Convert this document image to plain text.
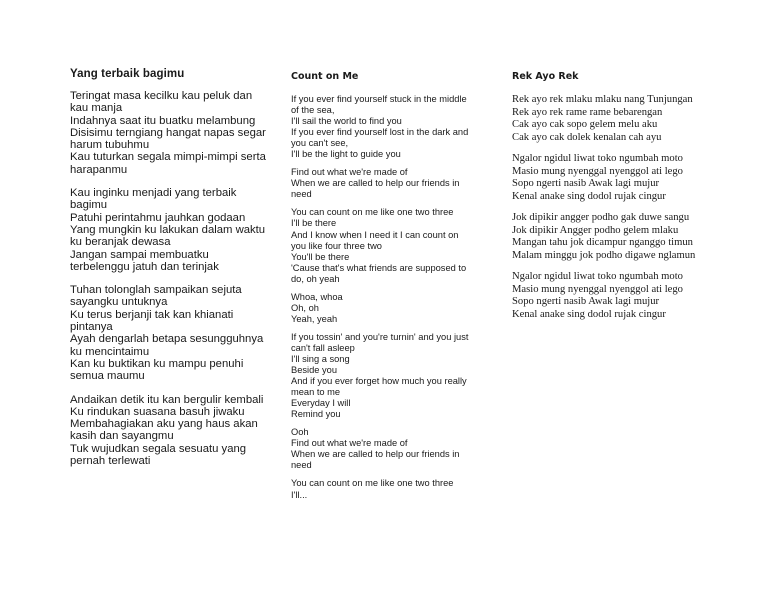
Yang terbaik bagimu
Teringat masa kecilku kau peluk dan
kau manja
Indahnya saat itu buatku melambung
Disisimu terngiang hangat napas segar
harum tubuhmu
Kau tuturkan segala mimpi-mimpi serta
harapanmu
Kau inginku menjadi yang terbaik
bagimu
Patuhi perintahmu jauhkan godaan
Yang mungkin ku lakukan dalam waktu
ku beranjak dewasa
Jangan sampai membuatku
terbelenggu jatuh dan terinjak
Tuhan tolonglah sampaikan sejuta
sayangku untuknya
Ku terus berjanji tak kan khianati
pintanya
Ayah dengarlah betapa sesungguhnya
ku mencintaimu
Kan ku buktikan ku mampu penuhi
semua maumu
Andaikan detik itu kan bergulir kembali
Ku rindukan suasana basuh jiwaku
Membahagiakan aku yang haus akan
kasih dan sayangmu
Tuk wujudkan segala sesuatu yang
pernah terlewati
Count on Me
If you ever find yourself stuck in the middle
of the sea,
I'll sail the world to find you
If you ever find yourself lost in the dark and
you can't see,
I'll be the light to guide you
Find out what we're made of
When we are called to help our friends in
need
You can count on me like one two three
I'll be there
And I know when I need it I can count on
you like four three two
You'll be there
'Cause that's what friends are supposed to
do, oh yeah
Whoa, whoa
Oh, oh
Yeah, yeah
If you tossin' and you're turnin' and you just
can't fall asleep
I'll sing a song
Beside you
And if you ever forget how much you really
mean to me
Everyday I will
Remind you
Ooh
Find out what we're made of
When we are called to help our friends in
need
You can count on me like one two three
I'll...
Rek Ayo Rek
Rek ayo rek mlaku mlaku nang Tunjungan
Rek ayo rek rame rame bebarengan
Cak ayo cak sopo gelem melu aku
Cak ayo cak dolek kenalan cah ayu
Ngalor ngidul liwat toko ngumbah moto
Masio mung nyenggal nyenggol ati lego
Sopo ngerti nasib Awak lagi mujur
Kenal anake sing dodol rujak cingur
Jok dipikir angger podho gak duwe sangu
Jok dipikir Angger podho gelem mlaku
Mangan tahu jok dicampur nganggo timun
Malam minggu jok podho digawe nglamun
Ngalor ngidul liwat toko ngumbah moto
Masio mung nyenggal nyenggol ati lego
Sopo ngerti nasib Awak lagi mujur
Kenal anake sing dodol rujak cingur
